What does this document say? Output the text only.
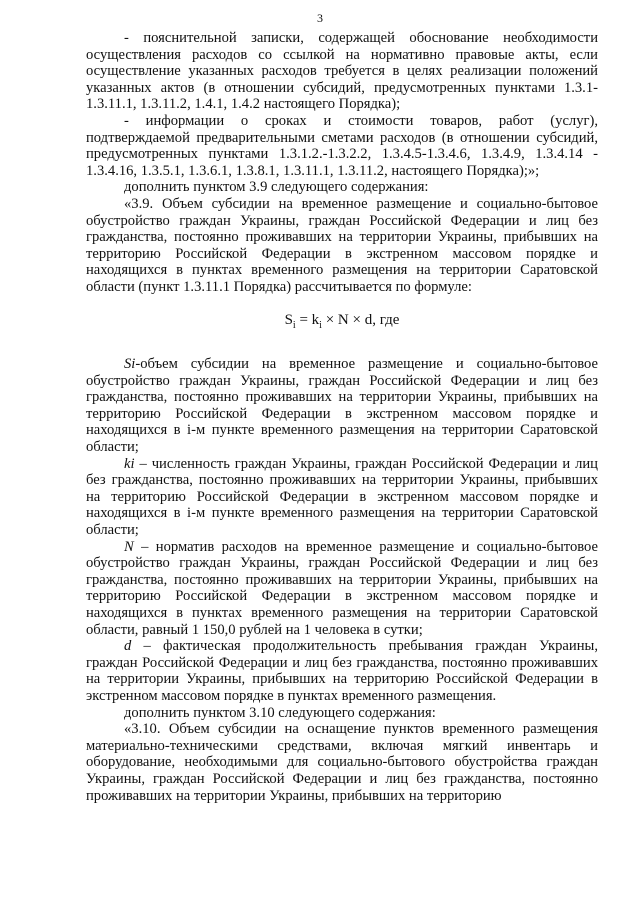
3

- пояснительной записки, содержащей обоснование необходимости осуществления расходов со ссылкой на нормативно правовые акты, если осуществление указанных расходов требуется в целях реализации положений указанных актов (в отношении субсидий, предусмотренных пунктами 1.3.1-1.3.11.1, 1.3.11.2, 1.4.1, 1.4.2 настоящего Порядка);

- информации о сроках и стоимости товаров, работ (услуг), подтверждаемой предварительными сметами расходов (в отношении субсидий, предусмотренных пунктами 1.3.1.2.-1.3.2.2, 1.3.4.5-1.3.4.6, 1.3.4.9, 1.3.4.14 - 1.3.4.16, 1.3.5.1, 1.3.6.1, 1.3.8.1, 1.3.11.1, 1.3.11.2, настоящего Порядка);»;

дополнить пунктом 3.9 следующего содержания:

«3.9. Объем субсидии на временное размещение и социально-бытовое обустройство граждан Украины, граждан Российской Федерации и лиц без гражданства, постоянно проживавших на территории Украины, прибывших на территорию Российской Федерации в экстренном массовом порядке и находящихся в пунктах временного размещения на территории Саратовской области (пункт 1.3.11.1 Порядка) рассчитывается по формуле:

$S_i = k_i \times N \times d$, где

Si-объем субсидии на временное размещение и социально-бытовое обустройство граждан Украины, граждан Российской Федерации и лиц без гражданства, постоянно проживавших на территории Украины, прибывших на территорию Российской Федерации в экстренном массовом порядке и находящихся в i-м пункте временного размещения на территории Саратовской области;

ki – численность граждан Украины, граждан Российской Федерации и лиц без гражданства, постоянно проживавших на территории Украины, прибывших на территорию Российской Федерации в экстренном массовом порядке и находящихся в i-м пункте временного размещения на территории Саратовской области;

N – норматив расходов на временное размещение и социально-бытовое обустройство граждан Украины, граждан Российской Федерации и лиц без гражданства, постоянно проживавших на территории Украины, прибывших на территорию Российской Федерации в экстренном массовом порядке и находящихся в пунктах временного размещения на территории Саратовской области, равный 1 150,0 рублей на 1 человека в сутки;

d – фактическая продолжительность пребывания граждан Украины, граждан Российской Федерации и лиц без гражданства, постоянно проживавших на территории Украины, прибывших на территорию Российской Федерации в экстренном массовом порядке в пунктах временного размещения.

дополнить пунктом 3.10 следующего содержания:

«3.10. Объем субсидии на оснащение пунктов временного размещения материально-техническими средствами, включая мягкий инвентарь и оборудование, необходимыми для социально-бытового обустройства граждан Украины, граждан Российской Федерации и лиц без гражданства, постоянно проживавших на территории Украины, прибывших на территорию
